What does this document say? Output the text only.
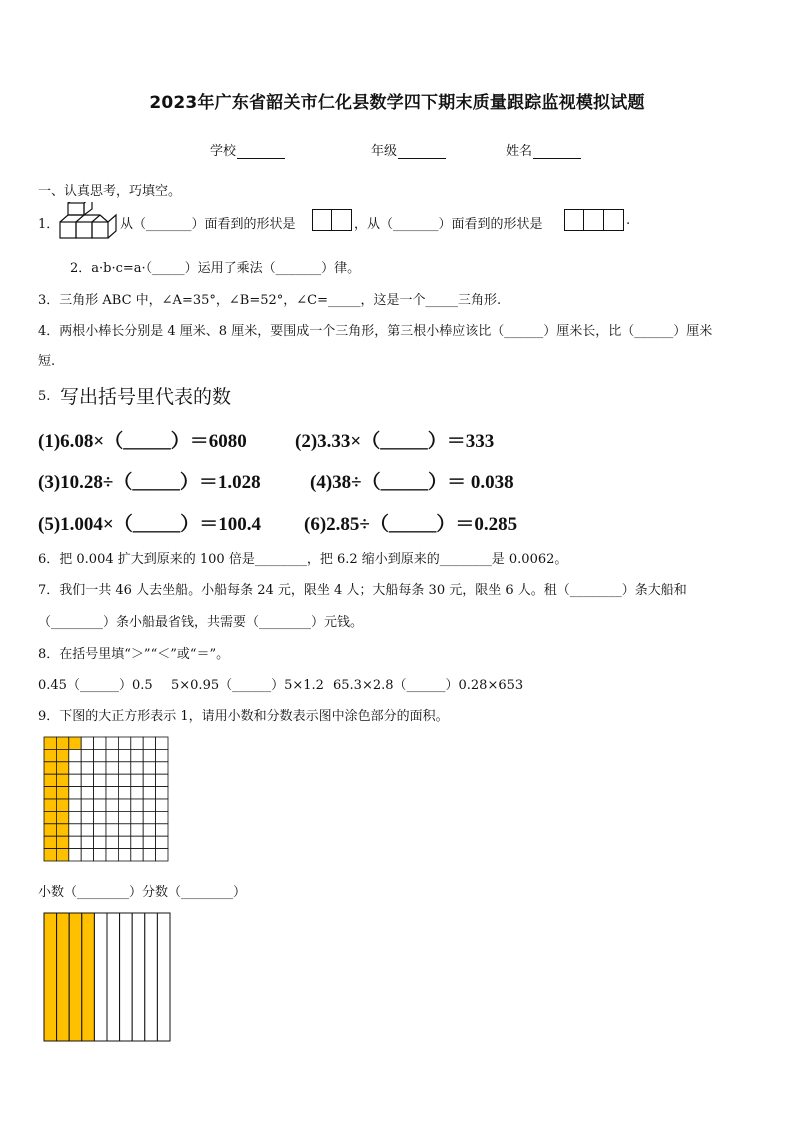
2023年广东省韶关市仁化县数学四下期末质量跟踪监视模拟试题
学校	年级	姓名
一、认真思考，巧填空。
1．	从（_______）面看到的形状是	，从（_______）面看到的形状是	.
2．a·b·c=a·（_____）运用了乘法（_______）律。
3．三角形 ABC 中，∠A=35°，∠B=52°，∠C=_____，这是一个_____三角形.
4．两根小棒长分别是 4 厘米、8 厘米，要围成一个三角形，第三根小棒应该比（______）厘米长，比（______）厘米
短.
5. 写出括号里代表的数
(1)6.08×（_____）＝6080	(2)3.33×（_____）＝333
(3)10.28÷（_____）＝1.028	(4)38÷（_____）＝ 0.038
(5)1.004×（_____）＝100.4 (6)2.85÷（_____）＝0.285
6．把 0.004 扩大到原来的 100 倍是________，把 6.2 缩小到原来的________是 0.0062。
7．我们一共 46 人去坐船。小船每条 24 元，限坐 4 人；大船每条 30 元，限坐 6 人。租（________）条大船和
（________）条小船最省钱，共需要（________）元钱。
8．在括号里填“＞”“＜”或“＝”。
0.45（______）0.5 5×0.95（______）5×1.2 65.3×2.8（______）0.28×653
9．下图的大正方形表示 1，请用小数和分数表示图中涂色部分的面积。
小数（________）分数（________）
